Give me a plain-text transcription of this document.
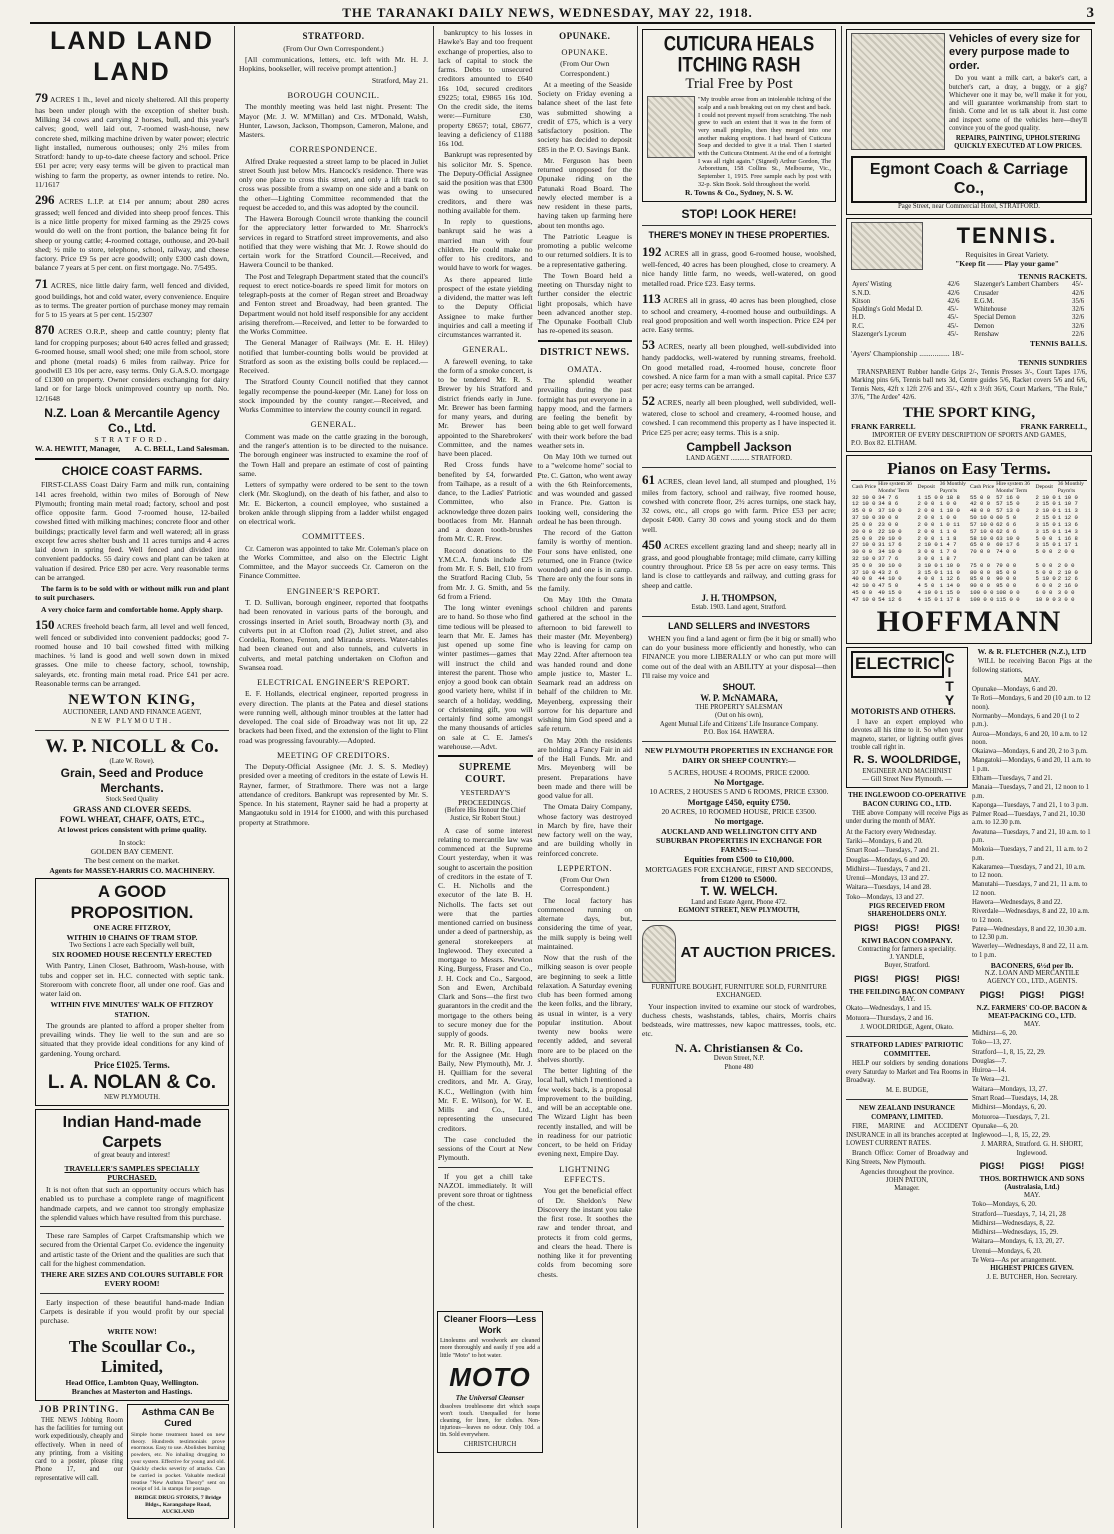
THE TARANAKI DAILY NEWS, WEDNESDAY, MAY 22, 1918.	3
LAND LAND LAND
79 ACRES 1 lh., level and nicely sheltered. All this property has been under plough with the exception of shelter bush. Milking 34 cows and carrying 2 horses, bull, and this year's calves; good, well laid out, 7-roomed wash-house, new concrete shed, milking machine driven by water power; electric light installed, numerous outhouses; only 2½ miles from Stratford: handy to up-to-date cheese factory and school. Price £61 per acre; very easy terms will be given to practical man wishing to farm the property, as owner intends to retire. No. 11/1617
296 ACRES L.I.P. at £14 per annum; about 280 acres grassed; well fenced and divided into sheep proof fences. This is a nice little property for mixed farming as the 29/25 cows would do well on the front portion, the balance being fit for sheep or young cattle; 4-roomed cottage, outhouse, and 20-bail shed; ½ mile to store, telephone, school, railway, and cheese factory. Price £9 5s per acre goodwill; only £300 cash down, balance 7 years at 5 per cent. on first mortgage. No. 7/5495.
71 ACRES, nice little dairy farm, well fenced and divided, good buildings, hot and cold water, every convenience. Enquire as to terms. The greater portion of purchase money may remain for 5 to 15 years at 5 per cent. 15/2307
870 ACRES O.R.P., sheep and cattle country; plenty flat land for cropping purposes; about 640 acres felled and grassed; 6-roomed house, small wool shed; one mile from school, store and phone (metal roads) 6 miles from railway. Price for goodwill £3 10s per acre, easy terms. Only G.A.S.O. mortgage of £1300 on property. Owner considers exchanging for dairy land or for large block unimproved country up north. No. 12/1648
N.Z. Loan & Mercantile Agency Co., Ltd.
STRATFORD.
W. A. HEWITT, Manager, A. C. BELL, Land Salesman.
CHOICE COAST FARMS.

FIRST-CLASS Coast Dairy Farm and milk run, containing 141 acres freehold, within two miles of Borough of New Plymouth; fronting main metal road; factory, school and post office opposite farm. Good 7-roomed house, 12-bailed cowshed fitted with milking machines; concrete floor and other buildings; practically level farm and well watered; all in grass except few acres shelter bush and 11 acres turnips and 4 acres laid down in spring feed. Well fenced and divided into convenient paddocks. 55 dairy cows and plant can be taken at valuation if desired. Price £80 per acre. Very reasonable terms can be arranged.

The farm is to be sold with or without milk run and plant to suit purchasers.

A very choice farm and comfortable home. Apply sharp.

150 ACRES freehold beach farm, all level and well fenced, well fenced or subdivided into convenient paddocks; good 7-roomed house and 10 bail cowshed fitted with milking machines. ½ land is good and well sown down in mixed grasses. One mile to cheese factory, school, township, saleyards, etc. fronting main metal road. Price £41 per acre. Reasonable terms can be arranged.
NEWTON KING,
AUCTIONEER, LAND AND FINANCE AGENT,
NEW PLYMOUTH.
W. P. NICOLL & Co.
(Late W. Rowe).
Grain, Seed and Produce Merchants.
Stock Seed Quality
GRASS AND CLOVER SEEDS.
FOWL WHEAT, CHAFF, OATS, ETC.,
At lowest prices consistent with prime quality.
In stock:
GOLDEN BAY CEMENT.
The best cement on the market.
Agents for MASSEY-HARRIS CO. MACHINERY.
A GOOD PROPOSITION.
ONE ACRE FITZROY,
WITHIN 10 CHAINS OF TRAM STOP.
Two Sections 1 acre each Specially well built,
SIX ROOMED HOUSE RECENTLY ERECTED

With Pantry, Linen Closet, Bathroom, Wash-house, with tubs and copper set in. H.C. connected with septic tank. Storeroom with concrete floor, all under one roof. Gas and water laid on.

WITHIN FIVE MINUTES' WALK OF FITZROY STATION.

The grounds are planted to afford a proper shelter from prevailing winds. They lie well to the sun and are so situated that they provide ideal conditions for any kind of gardening. Young orchard.

Price £1025. Terms.
L. A. NOLAN & Co.
NEW PLYMOUTH.
Indian Hand-made Carpets
of great beauty and interest!
TRAVELLER'S SAMPLES SPECIALLY PURCHASED.

It is not often that such an opportunity occurs which has enabled us to purchase a complete range of magnificent handmade carpets, and we cannot too strongly emphasize the splendid values which have resulted from this purchase.

These rare Samples of Carpet Craftsmanship which we secured from the Oriental Carpet Co. evidence the ingenuity and artistic taste of the Orient and the qualities are such that call for the highest commendation.

THERE ARE SIZES AND COLOURS SUITABLE FOR EVERY ROOM!

Early inspection of these beautiful hand-made Indian Carpets is desirable if you would profit by our special purchase.

WRITE NOW!
The Scoullar Co., Limited,
Head Office, Lambton Quay, Wellington.
Branches at Masterton and Hastings.
JOB PRINTING.

THE NEWS Jobbing Room has the facilities for turning out work expeditiously, cheaply and effectively. When in need of any printing, from a visiting card to a poster, please ring Phone 17, and our representative will call.

Asthma CAN Be Cured

Simple home treatment based on new theory. Hundreds testimonials prove enormous. Easy to use. Abolishes burning powders, etc. No inhaling drugging to your system. Effective for young and old. Quickly checks severity of attacks. Can be carried in pocket. Valuable medical treatise "New Asthma Theory" sent on receipt of 1d. in stamps for postage.

BRIDGE DRUG STORES, 7 Bridge Bldgs., Karangahape Road, AUCKLAND
STRATFORD.
(From Our Own Correspondent.)

[All communications, letters, etc. left with Mr. H. J. Hopkins, bookseller, will receive prompt attention.]

Stratford, May 21.
BOROUGH COUNCIL.

The monthly meeting was held last night. Present: The Mayor (Mr. J. W. M'Millan) and Crs. M'Donald, Walsh, Hunter, Lawson, Jackson, Thompson, Cameron, Malone, and Masters.

CORRESPONDENCE.

Alfred Drake requested a street lamp to be placed in Juliet street South just below Mrs. Hancock's residence. There was only one place to cross this street, and only a lift track to cross was possible from a swamp on one side and a bank on the other—Lighting Committee recommended that the request be acceded to, and this was adopted by the council.

The Hawera Borough Council wrote thanking the council for the appreciatory letter forwarded to Mr. Sharrock's services in regard to Stratford street improvements, and also notified that they were wishing that Mr. J. Rowe should do certain work for the Stratford Council.—Received, and Hawera Council to be thanked.

The Post and Telegraph Department stated that the council's request to erect notice-boards re speed limit for motors on telegraph-posts at the corner of Regan street and Broadway and Fenton street and Broadway, had been granted. The Department would not hold itself responsible for any accident arising therefrom.—Received, and letter to be forwarded to the Works Committee.

The General Manager of Railways (Mr. E. H. Hiley) notified that lumber-counting bolls would be provided at Stratford as soon as the existing bolls could be replaced.—Received.

The Stratford County Council notified that they cannot legally recompense the pound-keeper (Mr. Lane) for loss on stock impounded by the county ranger.—Received, and Works Committee to interview the county council in regard.

GENERAL.

Comment was made on the cattle grazing in the borough, and the ranger's attention is to be directed to the nuisance. The borough engineer was instructed to examine the roof of the Town Hall and prepare an estimate of cost of painting same.

Letters of sympathy were ordered to be sent to the town clerk (Mr. Skoglund), on the death of his father, and also to Mr. E. Bickerton, a council employee, who sustained a broken ankle through slipping from a ladder whilst engaged on electrical work.

COMMITTEES.

Cr. Cameron was appointed to take Mr. Coleman's place on the Works Committee, and also on the Electric Light Committee, and the Mayor succeeds Cr. Cameron on the Finance Committee.

ENGINEER'S REPORT.

T. D. Sullivan, borough engineer, reported that footpaths had been renovated in various parts of the borough, and crossings inserted in Ariel south, Broadway north (3), and culverts put in at Clofton road (2), Juliet street, and also Cordelia, Romeo, Fenton, and Miranda streets. Water-tables had been cleaned out and also tunnels, and culverts in culverts, and metal patching undertaken on Clofton and Swansea road.

ELECTRICAL ENGINEER'S REPORT.

E. F. Hollands, electrical engineer, reported progress in every direction. The plants at the Patea and diesel stations were running well, although minor troubles at the latter had developed. The coal side of Broadway was not lit up, 22 brackets had been fixed, and the extension of the light to Flint road was progressing favourably.—Adopted.

MEETING OF CREDITORS.

The Deputy-Official Assignee (Mr. J. S. S. Medley) presided over a meeting of creditors in the estate of Lewis H. Rayner, farmer, of Strathmore. There was not a large attendance of creditors. Bankrupt was represented by Mr. S. Spence. In his statement, Rayner said he had a property at Mangaotuku sold in 1914 for £1000, and with this purchased property at Strathmore.

bankruptcy to his losses in Hawke's Bay and too frequent exchange of properties, also to lack of capital to stock the farms. Debts to unsecured creditors amounted to £640 16s 10d, secured creditors £9225; total, £9865 16s 10d. On the credit side, the items were:—Furniture £30, property £8657; total, £8677, leaving a deficiency of £1188 16s 10d.

Bankrupt was represented by his solicitor Mr. S. Spence. The Deputy-Official Assignee said the position was that £300 was owing to unsecured creditors, and there was nothing available for them.

In reply to questions, bankrupt said he was a married man with four children. He could make no offer to his creditors, and would have to work for wages.

As there appeared little prospect of the estate yielding a dividend, the matter was left to the Deputy Official Assignee to make further inquiries and call a meeting if circumstances warranted it.

GENERAL.

A farewell evening, to take the form of a smoke concert, is to be tendered Mr. R. S. Brewer by his Stratford and district friends early in June. Mr. Brewer has been farming for many years, and during Mr. Brewer has been appointed to the Sharebrokers' Committee, and the names have been placed.

Red Cross funds have benefited by £4, forwarded from Taihape, as a result of a dance, to the Ladies' Patriotic Committee, who also acknowledge three dozen pairs bootlaces from Mr. Hannah and a dozen tooth-brushes from Mr. C. R. Frew.

Record donations to the Y.M.C.A. funds include £25 from Mr. F. S. Bell, £10 from the Stratford Racing Club, 5s from Mr. J. G. Smith, and 5s 6d from a Friend.

The long winter evenings are to hand. So those who find time tedious will be pleased to learn that Mr. E. James has just opened up some fine winter pastimes—games that will instruct the child and interest the parent. Those who enjoy a good book can obtain good variety here, whilst if in search of a holiday, wedding, or christening gift, you will certainly find some amongst the many thousands of articles on sale at C. E. James's warehouse.—Advt.

SUPREME COURT.
YESTERDAY'S PROCEEDINGS.
(Before His Honour the Chief Justice, Sir Robert Stout.)

A case of some interest relating to mercantile law was commenced at the Supreme Court yesterday, when it was sought to ascertain the position of creditors in the estate of T. C. H. Nicholls and the executor of the late B. H. Nicholls. The facts set out were that the parties mentioned carried on business under a deed of partnership, as general storekeepers at Inglewood. They executed a mortgage to Messrs. Newton King, Burgess, Fraser and Co., J. H. Cock and Co., Sargood, Son and Ewen, Archibald Clark and Sons—the first two guarantors in the credit and the mortgage to the others being to secure money due for the supply of goods.

Mr. R. R. Billing appeared for the Assignee (Mr. Hugh Baily, New Plymouth), Mr. J. H. Quilliam for the several creditors, and Mr. A. Gray, K.C., Wellington (with him Mr. F. E. Wilson), for W. E. Mills and Co., Ltd., representing the unsecured creditors.

The case concluded the sessions of the Court at New Plymouth.

If you get a chill take NAZOL immediately. It will prevent sore throat or tightness of the chest.

OPUNAKE.
OPUNAKE.
(From Our Own Correspondent.)

At a meeting of the Seaside Society on Friday evening a balance sheet of the last fete was submitted showing a credit of £75, which is a very satisfactory position. The society has decided to deposit £85 in the P. O. Savings Bank.

Mr. Ferguson has been returned unopposed for the Opunake riding on the Patunaki Road Board. The newly elected member is a new resident in these parts, having taken up farming here about ten months ago.

The Patriotic League is promoting a public welcome to our returned soldiers. It is to be a representative gathering.

The Town Board held a meeting on Thursday night to further consider the electric light proposals, which have been advanced another step. The Opunake Football Club has re-opened its season.

DISTRICT NEWS.
OMATA.

The splendid weather prevailing during the past fortnight has put everyone in a happy mood, and the farmers are feeling the benefit by being able to get well forward with their work before the bad weather sets in.

On May 10th we turned out to a "welcome home" social to Pte. C. Gatton, who went away with the 6th Reinforcements, and was wounded and gassed in France. Pte. Gatton is looking well, considering the ordeal he has been through.

The record of the Gatton family is worthy of mention. Four sons have enlisted, one returned, one in France (twice wounded) and one is in camp. There are only the four sons in the family.

On May 10th the Omata school children and parents gathered at the school in the afternoon to bid farewell to their master (Mr. Meyenberg) who is leaving for camp on May 22nd. After afternoon tea was handed round and done ample justice to, Master L. Seamark read an address on behalf of the children to Mr. Meyenberg, expressing their sorrow for his departure and wishing him God speed and a safe return.

On May 20th the residents are holding a Fancy Fair in aid of the Hall Funds. Mr. and Mrs. Meyenberg will be present. Preparations have been made and there will be good value for all.

The Omata Dairy Company, whose factory was destroyed in March by fire, have their new factory well on the way, and are building wholly in reinforced concrete.

LEPPERTON.
(From Our Own Correspondent.)

The local factory has commenced running on alternate days, but, considering the time of year, the milk supply is being well maintained.

Now that the rush of the milking season is over people are beginning to seek a little relaxation. A Saturday evening club has been formed among the keen folks, and the library, as usual in winter, is a very popular institution. About twenty new books were recently added, and several more are to be placed on the shelves shortly.

The better lighting of the local hall, which I mentioned a few weeks back, is a proposal improvement to the building, and will be an acceptable one. The Wizard Light has been recently installed, and will be in readiness for our patriotic concert, to be held on Friday evening next, Empire Day.

LIGHTNING EFFECTS.

You get the beneficial effect of Dr. Sheldon's New Discovery the instant you take the first rose. It soothes the raw and tender throat, and protects it from cold germs, and clears the head. There is nothing like it for preventing colds from becoming sore chests.

Cleaner Floors—Less Work

Linoleums and woodwork are cleaned more thoroughly and easily if you add a little "Moto" to hot water.

MOTO
The Universal Cleanser

dissolves troublesome dirt which soaps won't touch. Unequalled for home cleaning, for linen, for clothes. Non-injurious—leaves no odour. Only 10d. a tin. Sold everywhere.

CHRISTCHURCH
CUTICURA HEALS ITCHING RASH
Trial Free by Post

"My trouble arose from an intolerable itching of the scalp and a rash breaking out on my chest and back. I could not prevent myself from scratching. The rash grew to such an extent that it was in the form of very small pimples, then they merged into one another making eruptions. I had heard of Cuticura Soap and decided to give it a trial. Then I started with the Cuticura Ointment. At the end of a fortnight I was all right again." (Signed) Arthur Gordon, The Arborettum, 158 Collins St., Melbourne, Vic., September 1, 1915. Free sample each by post with 32-p. Skin Book. Sold throughout the world.

R. Towns & Co., Sydney, N. S. W.
STOP! LOOK HERE!
THERE'S MONEY IN THESE PROPERTIES.
192 ACRES all in grass, good 6-roomed house, woolshed, well-fenced, 40 acres has been ploughed, close to creamery. A nice handy little farm, no weeds, well-watered, on good metalled road. Price £23. Easy terms.
113 ACRES all in grass, 40 acres has been ploughed, close to school and creamery, 4-roomed house and outbuildings. A real good proposition and well worth inspection. Price £24 per acre. Easy terms.
53 ACRES, nearly all been ploughed, well-subdivided into handy paddocks, well-watered by running streams, freehold. On good metalled road, 4-roomed house, concrete floor cowshed. A nice farm for a man with a small capital. Price £37 per acre; easy terms can be arranged.
52 ACRES, nearly all been ploughed, well subdivided, well-watered, close to school and creamery, 4-roomed house, and cowshed. I can recommend this property as I have inspected it. Price £25 per acre; easy terms. This is a snip.
Campbell Jackson
LAND AGENT ........... STRATFORD.
61 ACRES, clean level land, all stumped and ploughed, 1½ miles from factory, school and railway, five roomed house, cowshed with concrete floor, 2½ acres turnips, one stack hay, 32 cows, etc., all crops go with farm. Price £53 per acre; deposit £400. Carry 30 cows and young stock and do them well.
450 ACRES excellent grazing land and sheep; nearly all in grass, and good ploughable frontage; mild climate, carry killing country throughout. Price £8 5s per acre on easy terms. This land is close to cattleyards and railway, and cutting grass for sheep and cattle.
J. H. THOMPSON,
Estab. 1903. Land agent, Stratford.
LAND SELLERS and INVESTORS

WHEN you find a land agent or firm (be it big or small) who can do your business more efficiently and honestly, who can FINANCE you more LIBERALLY or who can put more will come out of the deal with an ABILITY at your disposal—then I'll raise my voice and

SHOUT.
W. P. McNAMARA,
THE PROPERTY SALESMAN
(Out on his own),
Agent Mutual Life and Citizens' Life Insurance Company.
P.O. Box 164. HAWERA.
NEW PLYMOUTH PROPERTIES IN EXCHANGE FOR DAIRY OR SHEEP COUNTRY:—
5 ACRES, HOUSE 4 ROOMS, PRICE £2000.
No Mortgage.
10 ACRES, 2 HOUSES 5 AND 6 ROOMS, PRICE £3300.
Mortgage £450, equity £750.
20 ACRES, 10 ROOMED HOUSE, PRICE £3500.
No mortgage.
AUCKLAND AND WELLINGTON CITY AND SUBURBAN PROPERTIES IN EXCHANGE FOR FARMS:—
Equities from £500 to £10,000.
MORTGAGES FOR EXCHANGE, FIRST AND SECONDS,
from £1200 to £5000.
T. W. WELCH.
Land and Estate Agent, Phone 472.
EGMONT STREET, NEW PLYMOUTH,
AT AUCTION PRICES.
FURNITURE BOUGHT, FURNITURE SOLD, FURNITURE EXCHANGED.

Your inspection invited to examine our stock of wardrobes, duchess chests, washstands, tables, chairs, Morris chairs bedsteads, wire mattresses, new kapoc mattresses, tools, etc. etc.

N. A. Christiansen & Co.
Devon Street, N.P.
Phone 480
Vehicles of every size for every purpose made to order.

Do you want a milk cart, a baker's cart, a butcher's cart, a dray, a buggy, or a gig? Whichever one it may be, we'll make it for you, and will guarantee workmanship from start to finish. Come and let us talk about it. Just come and inspect some of the vehicles here—they'll convince you of the good quality.

REPAIRS, PAINTING, UPHOLSTERING QUICKLY EXECUTED AT LOW PRICES.
Egmont Coach & Carriage Co.,
Page Street, near Commercial Hotel, STRATFORD.
TENNIS.
Requisites in Great Variety.
"Keep fit —— Play your game"
TENNIS RACKETS.
Ayers' Wisting	42/6
S.N.D.	42/6
Kitson	42/6
Spalding's Gold Medal D.	45/-
H.D.	45/-
R.C.	45/-
Slazenger's Lyceum	45/-
Slazenger's Lambert Chambers	45/-
Crusader	42/6
E.G.M.	35/6
Whitehouse	32/6
Special Demon	32/6
Demon	32/6
Renshaw	22/6
TENNIS BALLS.
'Ayers' Championship ................ 18/-
TENNIS SUNDRIES

TRANSPARENT Rubber handle Grips 2/-, Tennis Presses 3/-, Court Tapes 17/6, Marking pins 6/6, Tennis ball nets 3d, Centre guides 5/6, Racket covers 5/6 and 6/6, Tennis Nets, 42ft x 12ft 27/6 and 35/-, 42ft x 3½ft 36/6, Court Markers, "The Rule," 37/6, "The Ardee" 42/6.

THE SPORT KING,
FRANK FARRELL	FRANK FARRELL,
IMPORTER OF EVERY DESCRIPTION OF SPORTS AND GAMES,
P.O. Box 82. ELTHAM.
Pianos on Easy Terms.
Cash Price	Hire system 36 Months' Term	Deposit	36 Monthly Paym'ts	Cash Price	Hire system 36 Months' Term	Deposit	36 Monthly Paym'ts
32 10 0	34 7 6	1 15 0	0 18 8	55 0 0	57 16 0	2 10 0	1 10 0
12 10 0	34 8 6	2 0 0	1 0 0	42 0 0	57 15 0	2 15 0	1 10 7
35 0 0	37 10 0	2 0 0	1 10 0	48 0 0	57 13 0	2 10 0	1 11 3
37 10 0	39 0 0	2 0 0	1 0 0	50 10 0	60 5 0	2 15 0	1 12 0
25 0 0	23 0 0	2 0 0	1 0 11	57 10 0	62 6 6	3 15 0	1 13 6
20 0 0	22 10 0	2 0 0	1 1 0	57 10 0	62 6 6	3 15 0	1 14 3
25 0 0	29 10 0	2 0 0	1 1 8	58 10 0	63 10 0	5 0 0	1 16 8
27 10 0	31 17 6	2 10 0	1 4 7	65 0 0	69 17 6	3 15 0	1 17 1
30 0 0	34 10 0	3 0 0	1 7 0	70 0 0	74 0 0	5 0 0	2 0 0
32 10 0	37 7 6	3 0 0	1 8 7				
35 0 0	39 10 0	3 10 0	1 10 0	75 0 0	79 0 0	5 0 0	2 0 0
37 10 0	43 2 6	3 15 0	1 11 0	80 0 0	85 0 0	5 0 0	2 10 0
40 0 0	44 10 0	4 0 0	1 12 6	85 0 0	90 0 0	5 10 0	2 12 6
42 10 0	47 5 0	4 5 0	1 14 0	90 0 0	95 0 0	6 0 0	2 16 0
45 0 0	49 15 0	4 10 0	1 15 0	100 0 0	108 0 0	6 0 0	3 0 0
47 10 0	54 12 6	4 15 0	1 17 8	100 0 0	115 0 0	10 0 0	3 0 0
HOFFMANN
ELECTRIC CITY
MOTORISTS AND OTHERS.

I have an expert employed who devotes all his time to it. So when your magneto, starter, or lighting outfit gives trouble call right in.

R. S. WOOLDRIDGE,
ENGINEER AND MACHINIST
— Gill Street New Plymouth. —
THE INGLEWOOD CO-OPERATIVE BACON CURING CO., LTD.

THE above Company will receive Pigs as under during the month of MAY.

At the Factory every Wednesday.
Tariki—Mondays, 6 and 20.
Smart Road—Tuesdays, 7 and 21.
Douglas—Mondays, 6 and 20.
Midhirst—Tuesdays, 7 and 21.
Urenui—Mondays, 13 and 27.
Waitara—Tuesdays, 14 and 28.
Toko—Mondays, 13 and 27.
PIGS RECEIVED FROM SHAREHOLDERS ONLY.
PIGS! PIGS! PIGS!
KIWI BACON COMPANY.
Contracting for farmers a speciality.
J. YANDLE,
Buyer, Stratford.
PIGS! PIGS! PIGS!
THE FEILDING BACON COMPANY
MAY.
Okato—Wednesdays, 1 and 15.
Motuora—Thursdays, 2 and 16.
J. WOOLDRIDGE, Agent, Okato.
STRATFORD LADIES' PATRIOTIC COMMITTEE.

HELP our soldiers by sending donations every Saturday to Market and Tea Rooms in Broadway.

M. E. BUDGE,
NEW ZEALAND INSURANCE COMPANY, LIMITED.

FIRE, MARINE and ACCIDENT INSURANCE in all its branches accepted at LOWEST CURRENT RATES.

Branch Office: Corner of Broadway and King Streets, New Plymouth.

Agencies throughout the province.
JOHN PATON,
Manager.
W. & R. FLETCHER (N.Z.), LTD

WILL be receiving Bacon Pigs at the following stations,

MAY.
Opunake—Mondays, 6 and 20.
Te Roti—Mondays, 6 and 20 (10 a.m. to 12 noon).
Normanby—Mondays, 6 and 20 (1 to 2 p.m.).
Auroa—Mondays, 6 and 20, 10 a.m. to 12 noon.
Okaiawa—Mondays, 6 and 20, 2 to 3 p.m.
Mangatoki—Mondays, 6 and 20, 11 a.m. to 1 p.m.
Eltham—Tuesdays, 7 and 21.
Manaia—Tuesdays, 7 and 21, 12 noon to 1 p.m.
Kaponga—Tuesdays, 7 and 21, 1 to 3 p.m.
Palmer Road—Tuesdays, 7 and 21, 10.30 a.m. to 12.30 p.m.
Awatuna—Tuesdays, 7 and 21, 10 a.m. to 1 p.m.
Mokoia—Tuesdays, 7 and 21, 11 a.m. to 2 p.m.
Kakaramea—Tuesdays, 7 and 21, 10 a.m. to 12 noon.
Manutahi—Tuesdays, 7 and 21, 11 a.m. to 12 noon.
Hawera—Wednesdays, 8 and 22.
Riverdale—Wednesdays, 8 and 22, 10 a.m. to 12 noon.
Patea—Wednesdays, 8 and 22, 10.30 a.m. to 12.30 p.m.
Waverley—Wednesdays, 8 and 22, 11 a.m. to 1 p.m.
BACONERS, 6½d per lb.
N.Z. LOAN AND MERCANTILE AGENCY CO., LTD., AGENTS.
PIGS! PIGS! PIGS!
N.Z. FARMERS' CO-OP. BACON & MEAT-PACKING CO., LTD.
MAY.
Midhirst—6, 20.
Toko—13, 27.
Stratford—1, 8, 15, 22, 29.
Douglas—7.
Huiroa—14.
Te Wera—21.
Waitara—Mondays, 13, 27.
Smart Road—Tuesdays, 14, 28.
Midhirst—Mondays, 6, 20.
Motuoroa—Tuesdays, 7, 21.
Opunake—6, 20.
Inglewood—1, 8, 15, 22, 29.
J. MARRA, Stratford. G. H. SHORT, Inglewood.
PIGS! PIGS! PIGS!
THOS. BORTHWICK AND SONS (Australasia, Ltd.)
MAY.
Toko—Mondays, 6, 20.
Stratford—Tuesdays, 7, 14, 21, 28
Midhirst—Wednesdays, 8, 22.
Midhirst—Wednesdays, 15, 29.
Waitara—Mondays, 6, 13, 20, 27.
Urenui—Mondays, 6, 20.
Te Wera—As per arrangement.
HIGHEST PRICES GIVEN.
J. E. BUTCHER, Hon. Secretary.
